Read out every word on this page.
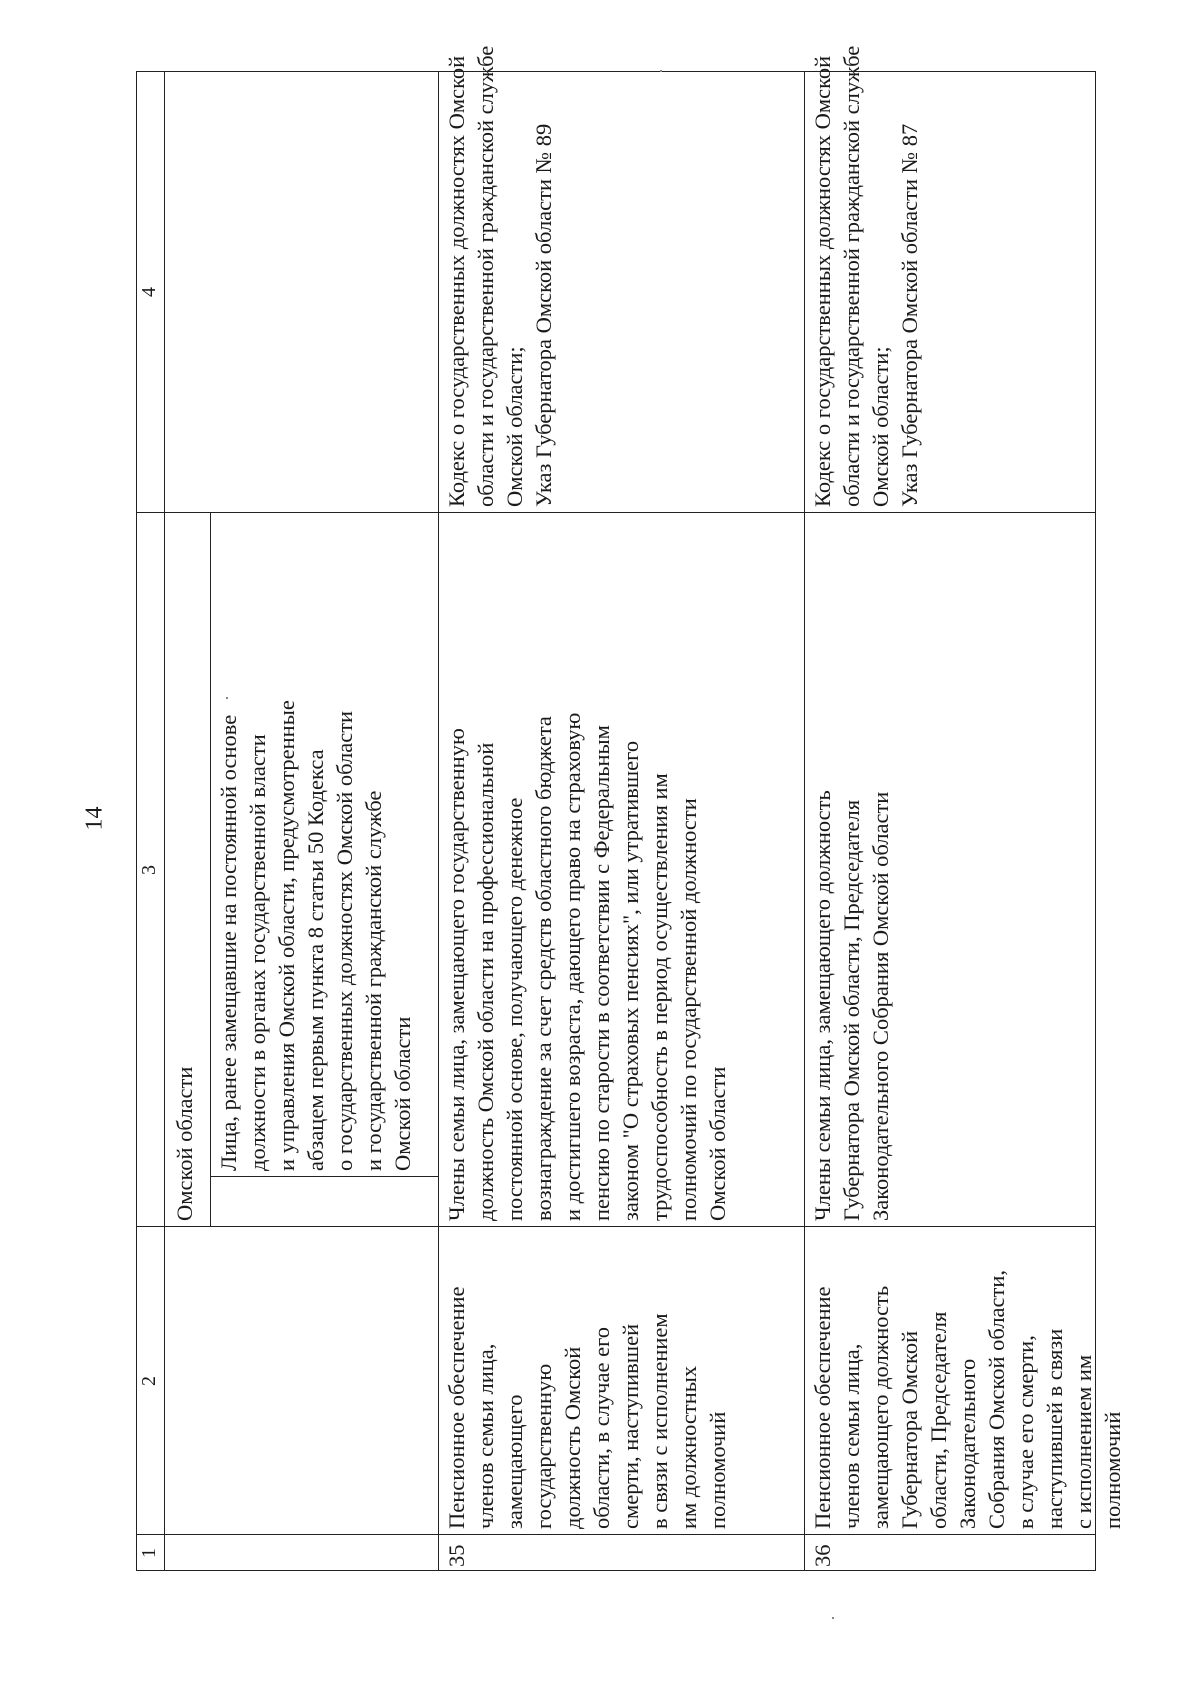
14
1
2
3
4
Омской области Лица, ранее замещавшие на постоянной основе должности в органах государственной власти и управления Омской области, предусмотренные абзацем первым пункта 8 статьи 50 Кодекса о государственных должностях Омской области и государственной гражданской службе Омской области
35
Пенсионное обеспечение членов семьи лица, замещающего государственную должность Омской области, в случае его смерти, наступившей в связи с исполнением им должностных полномочий
Члены семьи лица, замещающего государственную должность Омской области на профессиональной постоянной основе, получающего денежное вознаграждение за счет средств областного бюджета и достигшего возраста, дающего право на страховую пенсию по старости в соответствии с Федеральным законом "О страховых пенсиях", или утратившего трудоспособность в период осуществления им полномочий по государственной должности Омской области
Кодекс о государственных должностях Омской области и государственной гражданской службе Омской области; Указ Губернатора Омской области № 89
36
Пенсионное обеспечение членов семьи лица, замещающего должность Губернатора Омской области, Председателя Законодательного Собрания Омской области, в случае его смерти, наступившей в связи с исполнением им полномочий
Члены семьи лица, замещающего должность Губернатора Омской области, Председателя Законодательного Собрания Омской области
Кодекс о государственных должностях Омской области и государственной гражданской службе Омской области; Указ Губернатора Омской области № 87
